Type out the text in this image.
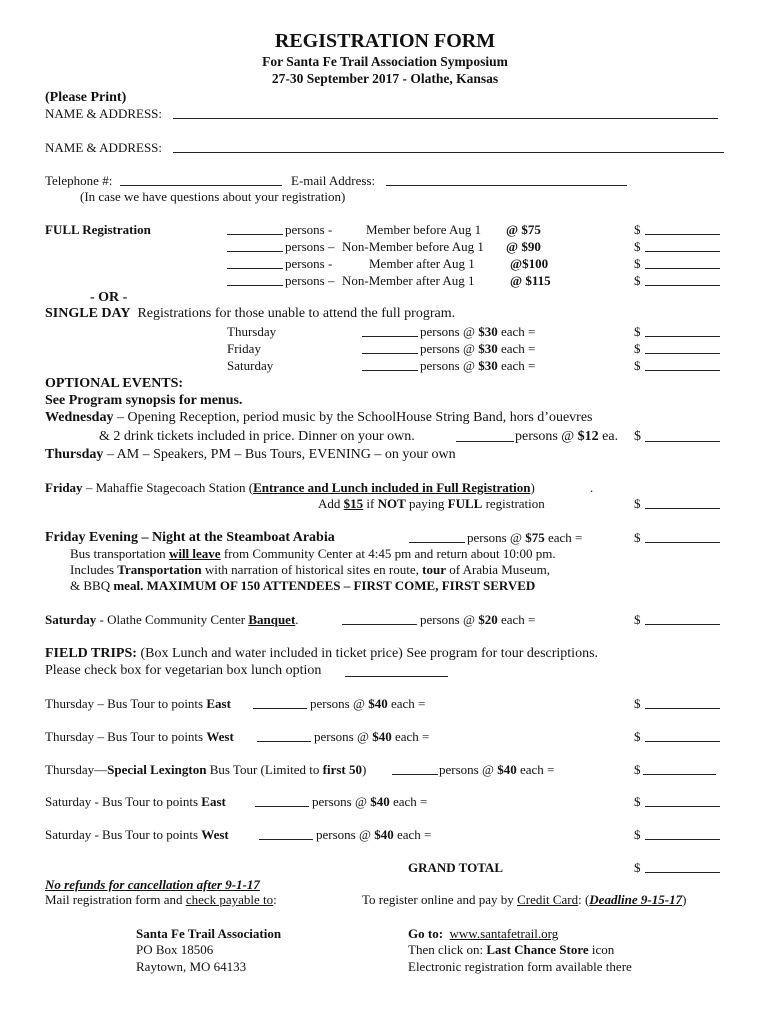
REGISTRATION FORM
For Santa Fe Trail Association Symposium
27-30 September 2017 - Olathe, Kansas
(Please Print)
NAME & ADDRESS:
NAME & ADDRESS:
Telephone #:	E-mail Address:
(In case we have questions about your registration)
FULL Registration	persons -	Member before Aug 1 @ $75	$
persons – Non-Member before Aug 1 @ $90	$
persons -	Member after Aug 1	@$100	$
persons – Non-Member after Aug 1	@ $115	$
- OR -
SINGLE DAY Registrations for those unable to attend the full program.
Thursday	persons @ $30 each =	$
Friday	persons @ $30 each =	$
Saturday	persons @ $30 each =	$
OPTIONAL EVENTS:
See Program synopsis for menus.
Wednesday – Opening Reception, period music by the SchoolHouse String Band, hors d’ouevres
& 2 drink tickets included in price. Dinner on your own.	persons @ $12 ea. $
Thursday – AM – Speakers, PM – Bus Tours, EVENING – on your own
Friday – Mahaffie Stagecoach Station (Entrance and Lunch included in Full Registration)	.
Add $15 if NOT paying FULL registration	$
Friday Evening – Night at the Steamboat Arabia	persons @ $75 each =	$
Bus transportation will leave from Community Center at 4:45 pm and return about 10:00 pm.
Includes Transportation with narration of historical sites en route, tour of Arabia Museum,
& BBQ meal. MAXIMUM OF 150 ATTENDEES – FIRST COME, FIRST SERVED
Saturday - Olathe Community Center Banquet.	persons @ $20 each =	$
FIELD TRIPS: (Box Lunch and water included in ticket price) See program for tour descriptions.
Please check box for vegetarian box lunch option
Thursday – Bus Tour to points East	persons @ $40 each =	$
Thursday – Bus Tour to points West	persons @ $40 each =	$
Thursday—Special Lexington Bus Tour (Limited to first 50)	persons @ $40 each =	$
Saturday - Bus Tour to points East	persons @ $40 each =	$
Saturday - Bus Tour to points West	persons @ $40 each =	$
GRAND TOTAL	$
No refunds for cancellation after 9-1-17
Mail registration form and check payable to:	To register online and pay by Credit Card: (Deadline 9-15-17)
Santa Fe Trail Association
PO Box 18506
Raytown, MO 64133
Go to: www.santafetrail.org
Then click on: Last Chance Store icon
Electronic registration form available there
